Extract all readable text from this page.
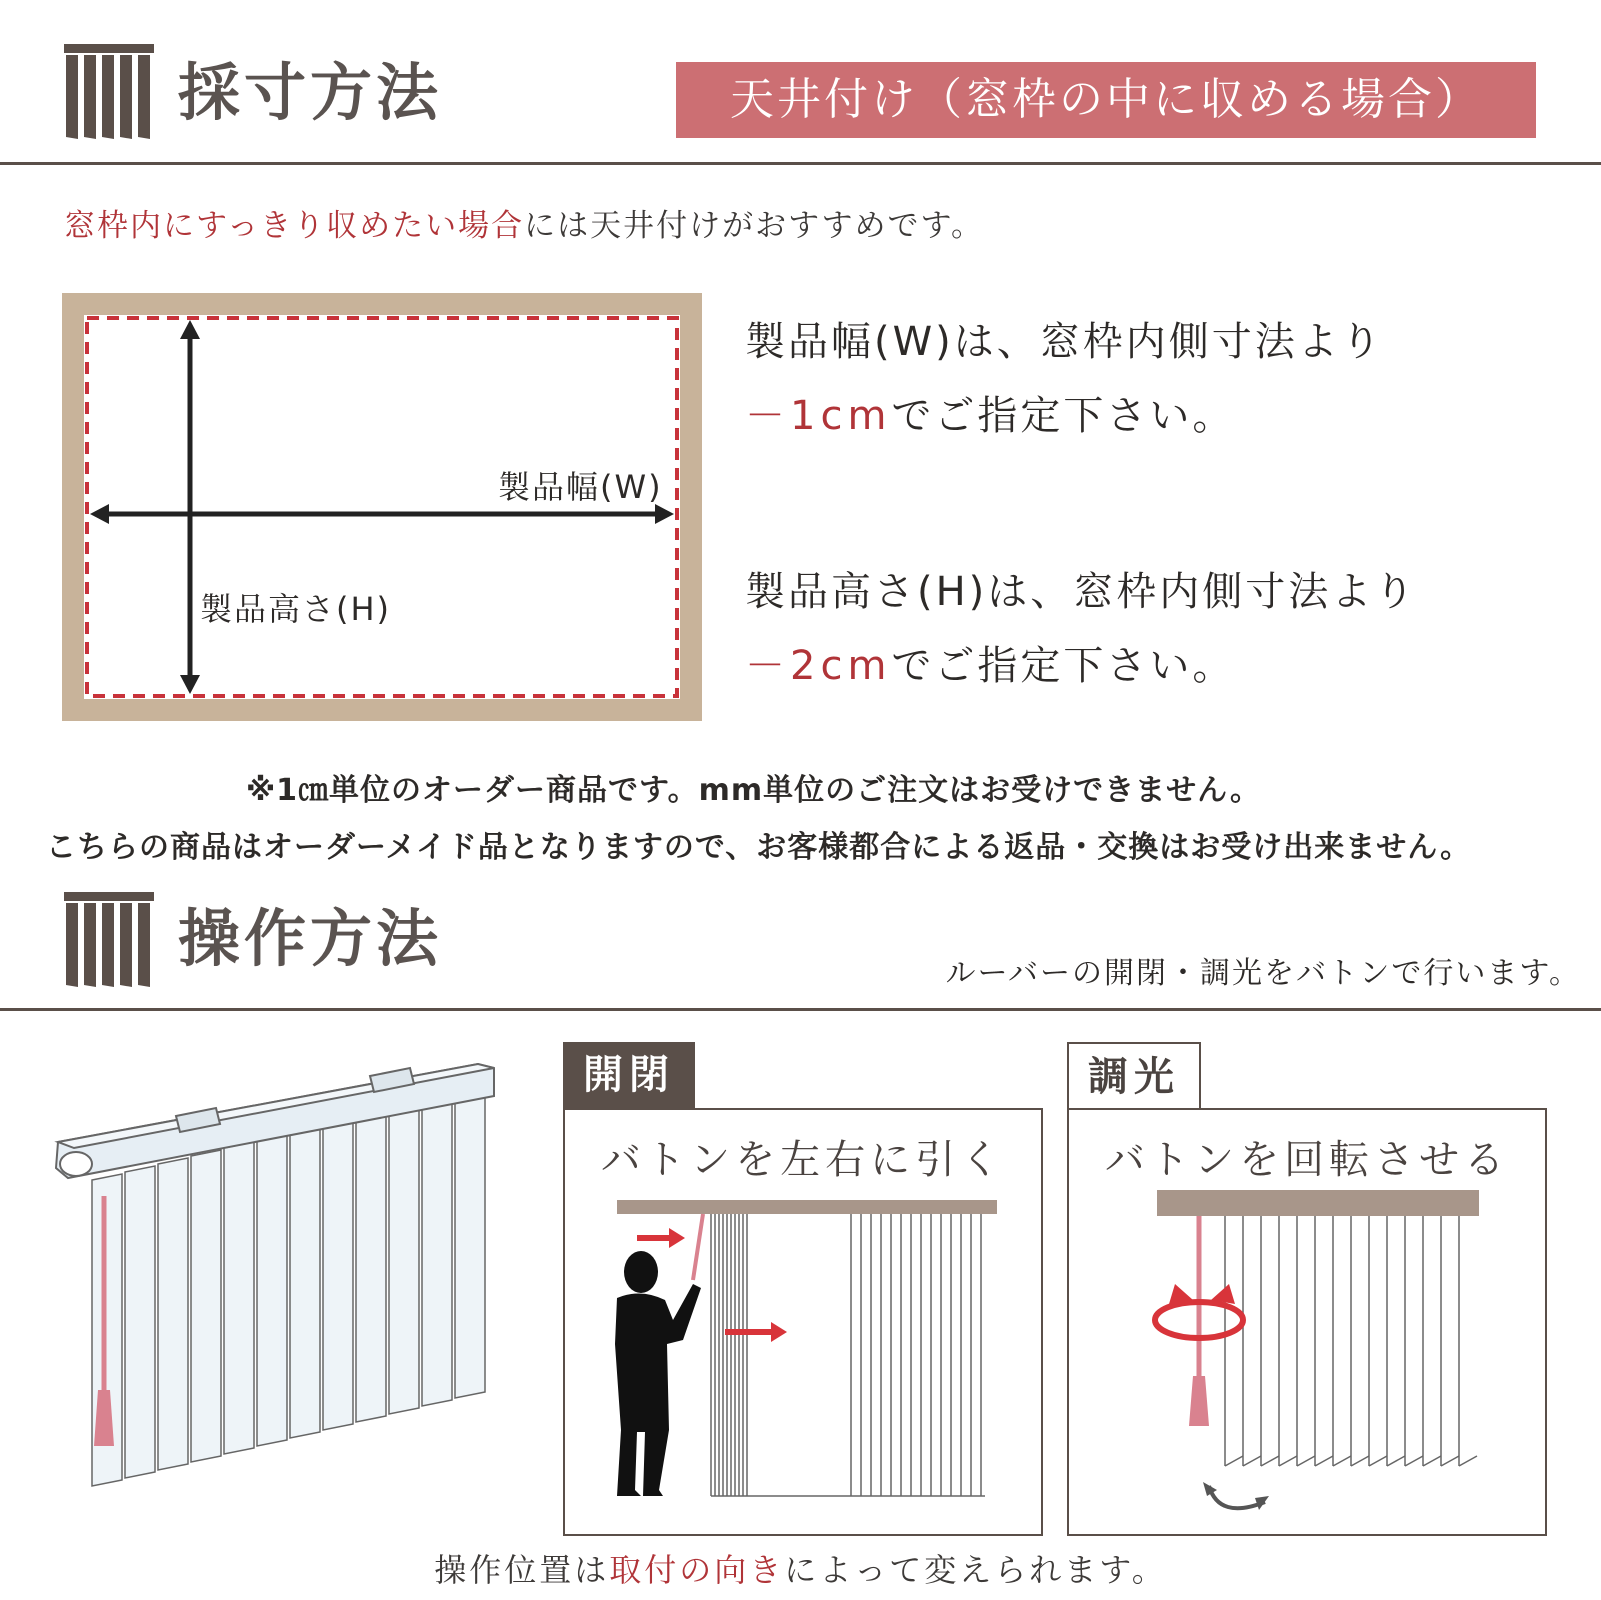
採寸方法	天井付け（窓枠の中に収める場合）
窓枠内にすっきり収めたい場合には天井付けがおすすめです。
製品幅(W)
製品高さ(H)
製品幅(W)は、窓枠内側寸法より
－1cmでご指定下さい。
製品高さ(H)は、窓枠内側寸法より
－2cmでご指定下さい。
※1㎝単位のオーダー商品です。mm単位のご注文はお受けできません。
こちらの商品はオーダーメイド品となりますので、お客様都合による返品・交換はお受け出来ません。
操作方法	ルーバーの開閉・調光をバトンで行います。
開閉
バトンを左右に引く
調光
バトンを回転させる
操作位置は取付の向きによって変えられます。
